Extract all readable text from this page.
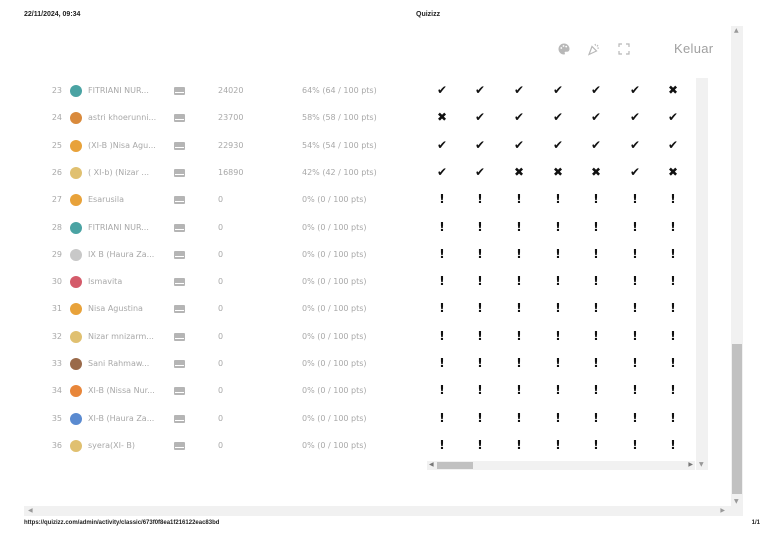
22/11/2024, 09:34	Quizizz
Keluar
23	FITRIANI NUR...	24020	64% (64 / 100 pts)	✔ ✔ ✔ ✔ ✔ ✔ ✖
24	astri khoerunni...	23700	58% (58 / 100 pts)	✖ ✔ ✔ ✔ ✔ ✔ ✔
25	(XI-B )Nisa Agu...	22930	54% (54 / 100 pts)	✔ ✔ ✔ ✔ ✔ ✔ ✔
26	( XI-b) (Nizar ...	16890	42% (42 / 100 pts)	✔ ✔ ✖ ✖ ✖ ✔ ✖
27	Esarusila	0	0% (0 / 100 pts)	!	!	!	!	!	!	!
28	FITRIANI NUR...	0	0% (0 / 100 pts)	!	!	!	!	!	!	!
29	IX B (Haura Za...	0	0% (0 / 100 pts)	!	!	!	!	!	!	!
30	Ismavita	0	0% (0 / 100 pts)	!	!	!	!	!	!	!
31	Nisa Agustina	0	0% (0 / 100 pts)	!	!	!	!	!	!	!
32	Nizar mnizarm...	0	0% (0 / 100 pts)	!	!	!	!	!	!	!
33	Sani Rahmaw...	0	0% (0 / 100 pts)	!	!	!	!	!	!	!
34	XI-B (Nissa Nur...	0	0% (0 / 100 pts)	!	!	!	!	!	!	!
35	XI-B (Haura Za...	0	0% (0 / 100 pts)	!	!	!	!	!	!	!
36	syera(XI- B)	0	0% (0 / 100 pts)	!	!	!	!	!	!	!
▼
◀	▶
▲
▼
◀	▶
https://quizizz.com/admin/activity/classic/673f0f8ea1f216122eac83bd	1/1
